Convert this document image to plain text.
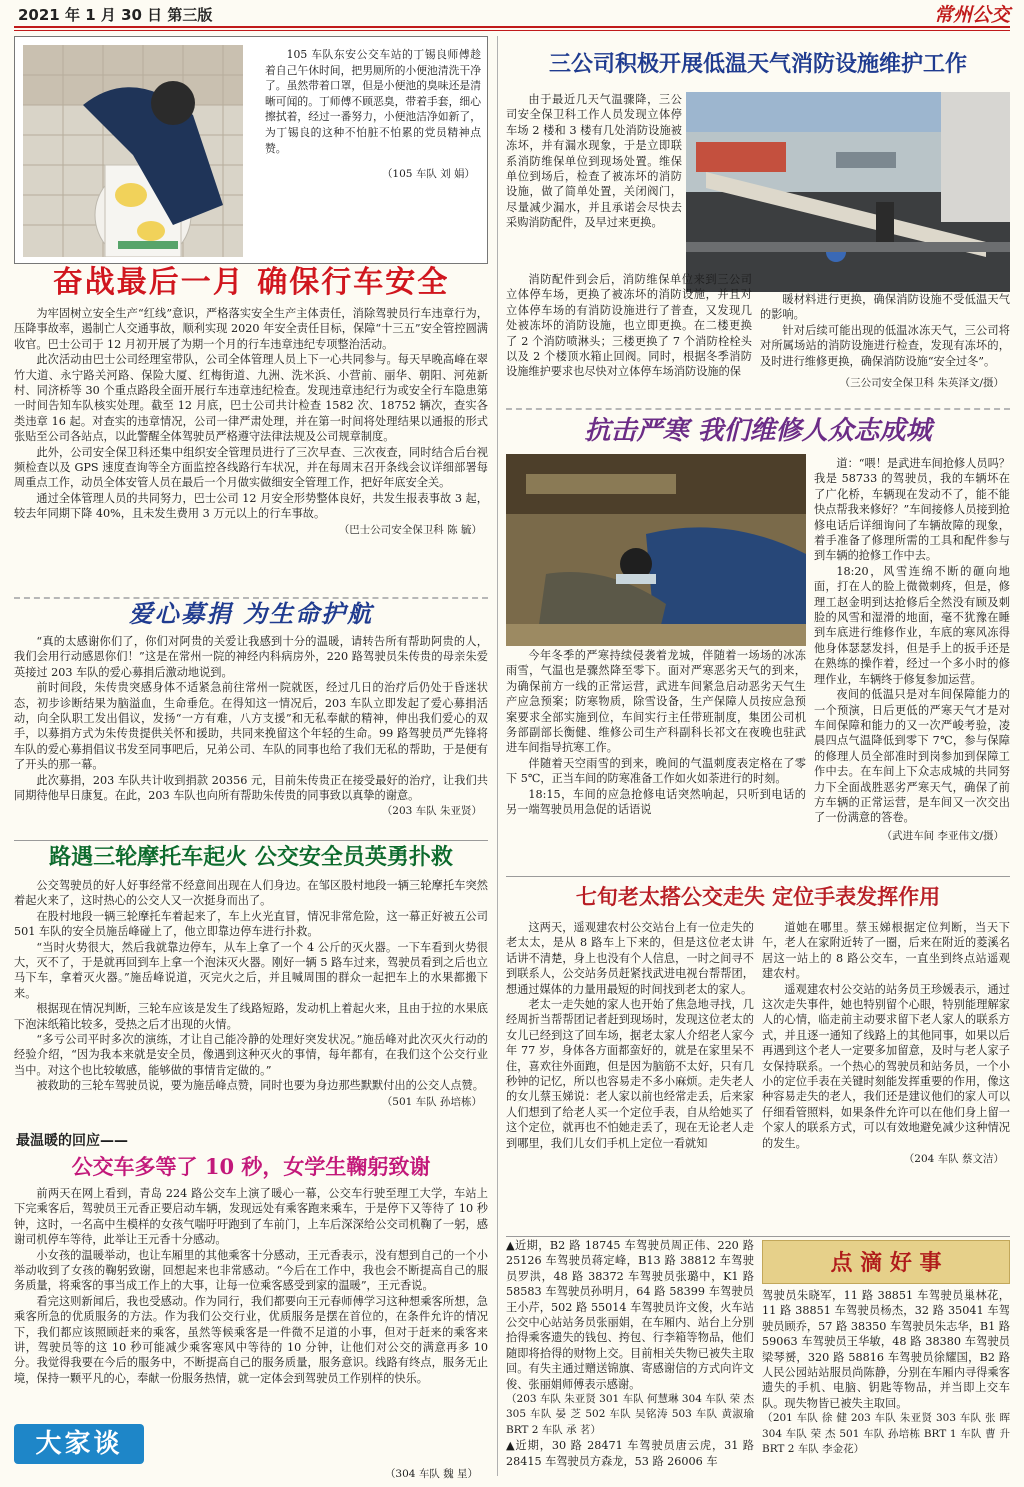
2021 年 1 月 30 日 第三版	常州公交

105 车队东安公交车站的丁锡良师傅趁着自己午休时间，把男厕所的小便池清洗干净了。虽然带着口罩，但是小便池的臭味还是清晰可闻的。丁师傅不顾恶臭，带着手套，细心擦拭着，经过一番努力，小便池洁净如新了，为丁锡良的这种不怕脏不怕累的党员精神点赞。

（105 车队 刘 娟）

奋战最后一月 确保行车安全

为牢固树立安全生产“红线”意识，严格落实安全生产主体责任，消除驾驶员行车违章行为，压降事故率，遏制亡人交通事故，顺利实现 2020 年安全责任目标，保障“十三五”安全管控圆满收官。巴士公司于 12 月初开展了为期一个月的行车违章违纪专项整治活动。

此次活动由巴士公司经理室带队，公司全体管理人员上下一心共同参与。每天早晚高峰在翠竹大道、永宁路关河路、保险大厦、红梅街道、九洲、洗米浜、小营前、丽华、朝阳、河苑新村、同济桥等 30 个重点路段全面开展行车违章违纪检查。发现违章违纪行为或安全行车隐患第一时间告知车队核实处理。截至 12 月底，巴士公司共计检查 1582 次、18752 辆次，查实各类违章 16 起。对查实的违章情况，公司一律严肃处理，并在第一时间将处理结果以通报的形式张贴至公司各站点，以此警醒全体驾驶员严格遵守法律法规及公司规章制度。

此外，公司安全保卫科还集中组织安全管理员进行了三次早查、三次夜查，同时结合后台视频检查以及 GPS 速度查询等全方面监控各线路行车状况，并在每周末召开条线会议详细部署每周重点工作，动员全体安管人员在最后一个月做实做细安全管理工作，把好年底安全关。

通过全体管理人员的共同努力，巴士公司 12 月安全形势整体良好，共发生报表事故 3 起，较去年同期下降 40%，且未发生费用 3 万元以上的行车事故。

（巴士公司安全保卫科 陈 毓）

爱心募捐 为生命护航

“真的太感谢你们了，你们对阿贵的关爱让我感到十分的温暖，请转告所有帮助阿贵的人，我们会用行动感恩你们！”这是在常州一院的神经内科病房外，220 路驾驶员朱传贵的母亲朱爱英接过 203 车队的爱心募捐后激动地说到。

前时间段，朱传贵突感身体不适紧急前往常州一院就医，经过几日的治疗后仍处于昏迷状态，初步诊断结果为脑溢血，生命垂危。在得知这一情况后，203 车队立即发起了爱心募捐活动，向全队职工发出倡议，发扬“一方有难，八方支援”和无私奉献的精神，伸出我们爱心的双手，以募捐方式为朱传贵提供关怀和援助，共同来挽留这个年轻的生命。99 路驾驶员严先锋将车队的爱心募捐倡议书发至同事吧后，兄弟公司、车队的同事也给了我们无私的帮助，于是便有了开头的那一幕。

此次募捐，203 车队共计收到捐款 20356 元，目前朱传贵正在接受最好的治疗，让我们共同期待他早日康复。在此，203 车队也向所有帮助朱传贵的同事致以真挚的谢意。

（203 车队 朱亚贤）

路遇三轮摩托车起火 公交安全员英勇扑救

公交驾驶员的好人好事经常不经意间出现在人们身边。在邹区股村地段一辆三轮摩托车突然着起火来了，这时热心的公交人又一次挺身而出了。

在股村地段一辆三轮摩托车着起来了，车上火光直冒，情况非常危险，这一幕正好被五公司 501 车队的安全员施岳峰碰上了，他立即靠边停车进行扑救。

“当时火势很大，然后我就靠边停车，从车上拿了一个 4 公斤的灭火器。一下车看到火势很大，灭不了，于是就再回到车上拿一个泡沫灭火器。刚好一辆 5 路车过来，驾驶员看到之后也立马下车，拿着灭火器。”施岳峰说道，灭完火之后，并且喊周围的群众一起把车上的水果都搬下来。

根据现在情况判断，三轮车应该是发生了线路短路，发动机上着起火来，且由于拉的水果底下泡沫纸箱比较多，受热之后才出现的火情。

“多亏公司平时多次的演练，才让自己能冷静的处理好突发状况。”施岳峰对此次灭火行动的经验介绍，“因为我本来就是安全员，像遇到这种灭火的事情，每年都有，在我们这个公交行业当中。对这个也比较敏感，能够做的事情肯定做的。”

被救助的三轮车驾驶员说，要为施岳峰点赞，同时也要为身边那些默默付出的公交人点赞。

（501 车队 孙培栋）

最温暖的回应——
公交车多等了 10 秒，女学生鞠躬致谢

前两天在网上看到，青岛 224 路公交车上演了暖心一幕，公交车行驶至理工大学，车站上下完乘客后，驾驶员王元香正要启动车辆，发现远处有乘客跑来乘车，于是停下又等待了 10 秒钟，这时，一名高中生模样的女孩气喘吁吁跑到了车前门，上车后深深给公交司机鞠了一躬，感谢司机停车等待，此举让王元香十分感动。

小女孩的温暖举动，也让车厢里的其他乘客十分感动，王元香表示，没有想到自己的一个小举动收到了女孩的鞠躬致谢，回想起来也非常感动。“今后在工作中，我也会不断提高自己的服务质量，将乘客的事当成工作上的大事，让每一位乘客感受到家的温暖”，王元香说。

看完这则新闻后，我也受感动。作为同行，我们都要向王元春师傅学习这种想乘客所想，急乘客所急的优质服务的方法。作为我们公交行业，优质服务是摆在首位的，在条件允许的情况下，我们都应该照顾赶来的乘客，虽然等候乘客是一件微不足道的小事，但对于赶来的乘客来讲，驾驶员等的这 10 秒可能减少乘客寒风中等待的 10 分钟，让他们对公交的满意再多 10 分。我觉得我要在今后的服务中，不断提高自己的服务质量，服务意识。线路有终点，服务无止境，保持一颗平凡的心，奉献一份服务热情，就一定体会到驾驶员工作别样的快乐。

大家谈

（304 车队 魏 星）

三公司积极开展低温天气消防设施维护工作

由于最近几天气温骤降，三公司安全保卫科工作人员发现立体停车场 2 楼和 3 楼有几处消防设施被冻坏，并有漏水现象，于是立即联系消防维保单位到现场处置。维保单位到场后，检查了被冻坏的消防设施，做了简单处置，关闭阀门，尽量减少漏水，并且承诺会尽快去采购消防配件，及早过来更换。

消防配件到会后，消防维保单位来到三公司立体停车场，更换了被冻坏的消防设施，并且对立体停车场的有消防设施进行了普查，又发现几处被冻坏的消防设施，也立即更换。在二楼更换了 2 个消防喷淋头；三楼更换了 7 个消防栓栓头以及 2 个楼顶水箱止回阀。同时，根据冬季消防设施维护要求也尽快对立体停车场消防设施的保

暖材料进行更换，确保消防设施不受低温天气的影响。

针对后续可能出现的低温冰冻天气，三公司将对所属场站的消防设施进行检查，发现有冻坏的，及时进行维修更换，确保消防设施“安全过冬”。

（三公司安全保卫科 朱英泽文/摄）

抗击严寒 我们维修人众志成城

今年冬季的严寒持续侵袭着龙城，伴随着一场场的冰冻雨雪，气温也是骤然降至零下。面对严寒恶劣天气的到来，为确保前方一线的正常运营，武进车间紧急启动恶劣天气生产应急预案；防寒物质，除雪设备，生产保障人员按应急预案要求全部实施到位，车间实行主任带班制度，集团公司机务部副部长衡健、维修公司生产科副科长祁文在夜晚也驻武进车间指导抗寒工作。

伴随着天空雨雪的到来，晚间的气温刺度表定格在了零下 5℃，正当车间的防寒准备工作如火如荼进行的时刻。

18:15，车间的应急抢修电话突然响起，只听到电话的另一端驾驶员用急促的话语说

道：“喂！是武进车间抢修人员吗？我是 58733 的驾驶员，我的车辆坏在了广化桥，车辆现在发动不了，能不能快点帮我来修好？”车间接修人员接到抢修电话后详细询问了车辆故障的现象，着手准备了修理所需的工具和配件参与到车辆的抢修工作中去。

18:20，风雪连绵不断的砸向地面，打在人的脸上微微刺疼，但是，修理工赵金明到达抢修后全然没有顾及刺脸的风雪和湿滑的地面，毫不犹豫在睡到车底进行维修作业，车底的寒风冻得他身体瑟瑟发抖，但是手上的扳手还是在熟练的操作着，经过一个多小时的修理作业，车辆终于修复参加运营。

夜间的低温只是对车间保障能力的一个预演，日后更低的严寒天气才是对车间保障和能力的又一次严峻考验，凌晨四点气温降低到零下 7℃，参与保障的修理人员全部准时到岗参加到保障工作中去。在车间上下众志成城的共同努力下全面战胜恶劣严寒天气，确保了前方车辆的正常运营，是车间又一次交出了一份满意的答卷。

（武进车间 李亚伟文/摄）

七旬老太搭公交走失 定位手表发挥作用

这两天，遥观建农村公交站台上有一位走失的老太太，是从 8 路车上下来的，但是这位老太讲话讲不清楚，身上也没有个人信息，一时之间寻不到联系人，公交站务员赶紧找武进电视台帮帮团，想通过媒体的力量用最短的时间找到老太的家人。

老太一走失她的家人也开始了焦急地寻找，几经周折当帮帮团记者赶到现场时，发现这位老太的女儿已经到这了回车场，据老太家人介绍老人家今年 77 岁，身体各方面都蛮好的，就是在家里呆不住，喜欢往外面跑，但是因为脑筋不太好，只有几秒钟的记忆，所以也容易走不多小麻烦。走失老人的女儿蔡玉娣说：老人家以前也经常走丢，后来家人们想到了给老人买一个定位手表，自从给她买了这个定位，就再也不怕她走丢了，现在无论老人走到哪里，我们儿女们手机上定位一看就知

道她在哪里。蔡玉娣根据定位判断，当天下午，老人在家附近转了一圈，后来在附近的菱溪名居这一站上的 8 路公交车，一直坐到终点站遥观建农村。

遥观建农村公交站的站务员王珍媛表示，通过这次走失事件，她也特别留个心眼，特别能理解家人的心情，临走前主动要求留下老人家人的联系方式，并且逐一通知了线路上的其他同事，如果以后再遇到这个老人一定要多加留意，及时与老人家子女保持联系。一个热心的驾驶员和站务员，一个小小的定位手表在关键时刻能发挥重要的作用，像这种容易走失的老人，我们还是建议他们的家人可以仔细看管照料，如果条件允许可以在他们身上留一个家人的联系方式，可以有效地避免减少这种情况的发生。

（204 车队 蔡文洁）

▲近期，B2 路 18745 车驾驶员周正伟、220 路 25126 车驾驶员蒋定峰，B13 路 38812 车驾驶员罗洪，48 路 38372 车驾驶员张璐中，K1 路 58583 车驾驶员孙明月，64 路 58399 车驾驶员王小芹，502 路 55014 车驾驶员许文俊，火车站公交中心站站务员张丽娟，在车厢内、站台上分别拾得乘客遗失的钱包、挎包、行李箱等物品，他们随即将拾得的财物上交。目前相关失物已被失主取回。有失主通过赠送锦旗、寄感谢信的方式向许文俊、张丽娟师傅表示感谢。

（203 车队 朱亚贤 301 车队 何慧琳 304 车队 荣 杰 305 车队 晏 芝 502 车队 吴铭涛 503 车队 黄淑瑜 BRT 2 车队 承 茗）

▲近期，30 路 28471 车驾驶员唐云虎，31 路 28415 车驾驶员方森龙，53 路 26006 车

点 滴 好 事

驾驶员朱晓军，11 路 38851 车驾驶员巢林花，11 路 38851 车驾驶员杨杰，32 路 35041 车驾驶员顾乔，57 路 38350 车驾驶员朱志华，B1 路 59063 车驾驶员王华敏，48 路 38380 车驾驶员梁琴赟，320 路 58816 车驾驶员徐耀国，B2 路人民公园站站服员尚陈静，分别在车厢内寻得乘客遗失的手机、电脑、钥匙等物品，并当即上交车队。现失物皆已被失主取回。

（201 车队 徐 健 203 车队 朱亚贤 303 车队 张 晖 304 车队 荣 杰 501 车队 孙培栋 BRT 1 车队 曹 升 BRT 2 车队 李金花）
